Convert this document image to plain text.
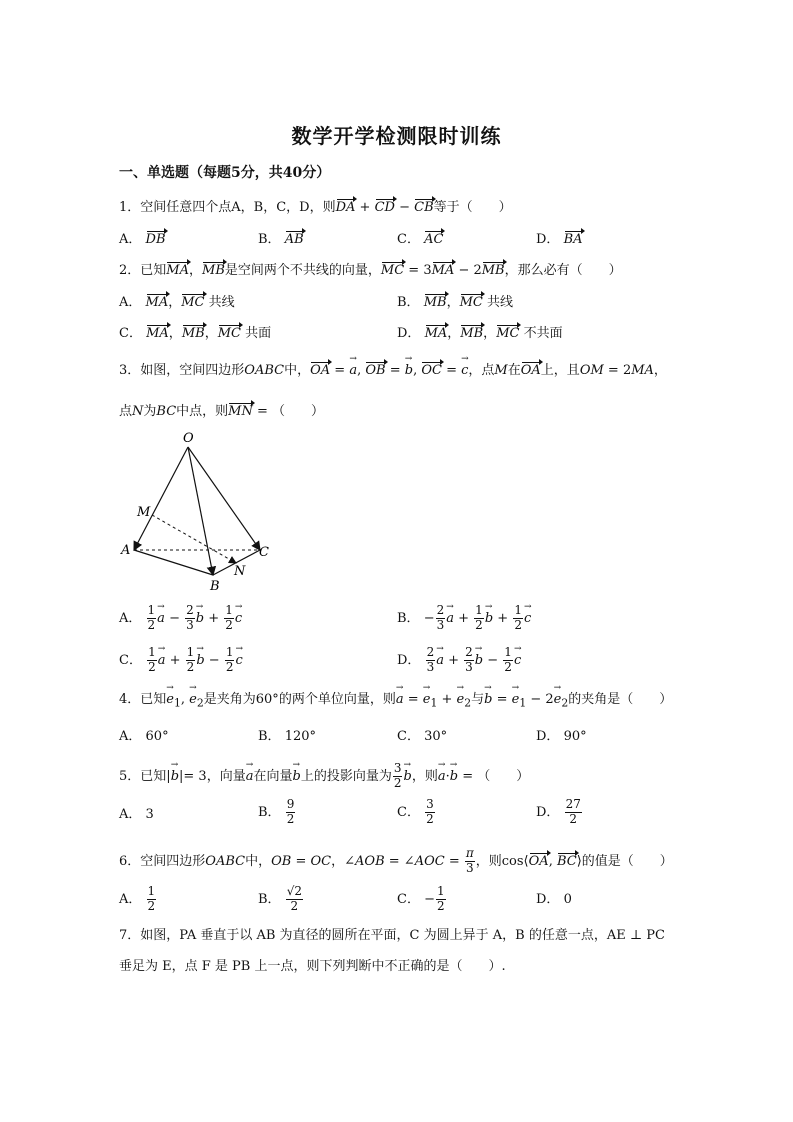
数学开学检测限时训练
一、单选题（每题5分，共40分）
1．空间任意四个点A，B，C，D，则DA + CD − CB等于（　　）
A． DB	B． AB	C． AC	D． BA
2．已知MA，MB是空间两个不共线的向量，MC = 3MA − 2MB，那么必有（　　）
A． MA，MC 共线	B． MB，MC 共线
C． MA，MB，MC 共面	D． MA，MB，MC 不共面
3．如图，空间四边形OABC中，OA = a →, OB = b →, OC = c →，点M在OA上，且OM = 2MA，
点N为BC中点，则MN = （　　）
O
M
A
B
C
N
A． $\frac{1}{2}$ a → − $\frac{2}{3}$ b → + $\frac{1}{2}$ c →	B． − $\frac{2}{3}$ a → + $\frac{1}{2}$ b → + $\frac{1}{2}$ c →
C． $\frac{1}{2}$ a → + $\frac{1}{2}$ b → − $\frac{1}{2}$ c →	D． $\frac{2}{3}$ a → + $\frac{2}{3}$ b → − $\frac{1}{2}$ c →
4．已知$e \to_1$, $e \to_2$是夹角为60°的两个单位向量，则a → = $e \to_1 + e \to_2$与b → = $e \to_1 - 2e \to_2$的夹角是（　　）
A． 60°	B． 120°	C． 30°	D． 90°
5．已知|b →|= 3，向量a →在向量b →上的投影向量为 $\frac{3}{2}$ b →，则a →·b → = （　　）
A． 3	B． $\frac{9}{2}$	C． $\frac{3}{2}$	D． $\frac{27}{2}$
6．空间四边形OABC中，OB = OC，∠AOB = ∠AOC = $\frac{\pi}{3}$ ，则cos⟨OA, BC⟩的值是（　　）
A． $\frac{1}{2}$	B． $\frac{√2}{2}$	C． − $\frac{1}{2}$	D． 0
7．如图，PA 垂直于以 AB 为直径的圆所在平面，C 为圆上异于 A，B 的任意一点，AE ⊥ PC
垂足为 E，点 F 是 PB 上一点，则下列判断中不正确的是（　　）.
